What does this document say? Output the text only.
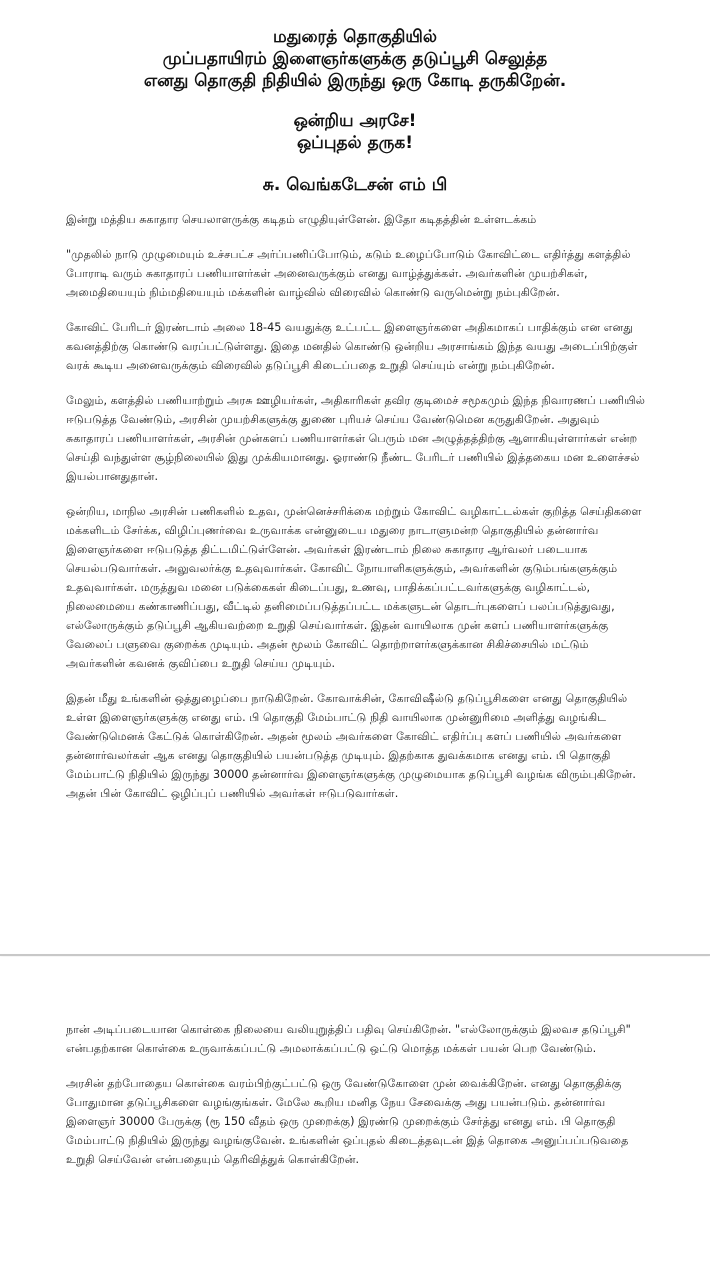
மதுரைத் தொகுதியில்
முப்பதாயிரம் இளைஞர்களுக்கு தடுப்பூசி செலுத்த
எனது தொகுதி நிதியில் இருந்து ஒரு கோடி தருகிறேன்.
ஒன்றிய அரசே!
ஒப்புதல் தருக!
சு. வெங்கடேசன் எம் பி

இன்று மத்திய சுகாதார செயலாளருக்கு கடிதம் எழுதியுள்ளேன். இதோ கடிதத்தின் உள்ளடக்கம்

"முதலில் நாடு முழுமையும் உச்சபட்ச அர்ப்பணிப்போடும், கடும் உழைப்போடும் கோவிட்டை எதிர்த்து களத்தில் போராடி வரும் சுகாதாரப் பணியாளர்கள் அனைவருக்கும் எனது வாழ்த்துக்கள். அவர்களின் முயற்சிகள், அமைதியையும் நிம்மதியையும் மக்களின் வாழ்வில் விரைவில் கொண்டு வருமென்று நம்புகிறேன்.

கோவிட் பேரிடர் இரண்டாம் அலை 18-45 வயதுக்கு உட்பட்ட இளைஞர்களை அதிகமாகப் பாதிக்கும் என எனது கவனத்திற்கு கொண்டு வரப்பட்டுள்ளது. இதை மனதில் கொண்டு ஒன்றிய அரசாங்கம் இந்த வயது அடைப்பிற்குள் வரக் கூடிய அனைவருக்கும் விரைவில் தடுப்பூசி கிடைப்பதை உறுதி செய்யும் என்று நம்புகிறேன்.

மேலும், களத்தில் பணியாற்றும் அரசு ஊழியர்கள், அதிகாரிகள் தவிர குடிமைச் சமூகமும் இந்த நிவாரணப் பணியில் ஈடுபடுத்த வேண்டும், அரசின் முயற்சிகளுக்கு துணை புரியச் செய்ய வேண்டுமென கருதுகிறேன். அதுவும் சுகாதாரப் பணியாளர்கள், அரசின் முன்களப் பணியாளர்கள் பெரும் மன அழுத்தத்திற்கு ஆளாகியுள்ளார்கள் என்ற செய்தி வந்துள்ள சூழ்நிலையில் இது முக்கியமானது. ஓராண்டு நீண்ட பேரிடர் பணியில் இத்தகைய மன உளைச்சல் இயல்பானதுதான்.

ஒன்றிய, மாநில அரசின் பணிகளில் உதவ, முன்னெச்சரிக்கை மற்றும் கோவிட் வழிகாட்டல்கள் குறித்த செய்திகளை மக்களிடம் சேர்க்க, விழிப்புணர்வை உருவாக்க என்னுடைய மதுரை நாடாளுமன்ற தொகுதியில் தன்னார்வ இளைஞர்களை ஈடுபடுத்த திட்டமிட்டுள்ளேன். அவர்கள் இரண்டாம் நிலை சுகாதார ஆர்வலர் படையாக செயல்படுவார்கள். அலுவலர்க்கு உதவுவார்கள். கோவிட் நோயாளிகளுக்கும், அவர்களின் குடும்பங்களுக்கும் உதவுவார்கள். மருத்துவ மனை படுக்கைகள் கிடைப்பது, உணவு, பாதிக்கப்பட்டவர்களுக்கு வழிகாட்டல், நிலைமையை கண்காணிப்பது, வீட்டில் தனிமைப்படுத்தப்பட்ட மக்களுடன் தொடர்புகளைப் பலப்படுத்துவது, எல்லோருக்கும் தடுப்பூசி ஆகியவற்றை உறுதி செய்வார்கள். இதன் வாயிலாக முன் களப் பணியாளர்களுக்கு வேலைப் பளுவை குறைக்க முடியும். அதன் மூலம் கோவிட் தொற்றாளர்களுக்கான சிகிச்சையில் மட்டும் அவர்களின் கவனக் குவிப்பை உறுதி செய்ய முடியும்.

இதன் மீது உங்களின் ஒத்துழைப்பை நாடுகிறேன். கோவாக்சின், கோவிஷீல்டு தடுப்பூசிகளை எனது தொகுதியில் உள்ள இளைஞர்களுக்கு எனது எம். பி தொகுதி மேம்பாட்டு நிதி வாயிலாக முன்னுரிமை அளித்து வழங்கிட வேண்டுமெனக் கேட்டுக் கொள்கிறேன். அதன் மூலம் அவர்களை கோவிட் எதிர்ப்பு களப் பணியில் அவர்களை தன்னார்வலர்கள் ஆக எனது தொகுதியில் பயன்படுத்த முடியும். இதற்காக துவக்கமாக எனது எம். பி தொகுதி மேம்பாட்டு நிதியில் இருந்து 30000 தன்னார்வ இளைஞர்களுக்கு முழுமையாக தடுப்பூசி வழங்க விரும்புகிறேன். அதன் பின் கோவிட் ஒழிப்புப் பணியில் அவர்கள் ஈடுபடுவார்கள்.

நான் அடிப்படையான கொள்கை நிலையை வலியுறுத்திப் பதிவு செய்கிறேன். "எல்லோருக்கும் இலவச தடுப்பூசி" என்பதற்கான கொள்கை உருவாக்கப்பட்டு அமலாக்கப்பட்டு ஒட்டு மொத்த மக்கள் பயன் பெற வேண்டும்.

அரசின் தற்போதைய கொள்கை வரம்பிற்குட்பட்டு ஒரு வேண்டுகோளை முன் வைக்கிறேன். எனது தொகுதிக்கு போதுமான தடுப்பூசிகளை வழங்குங்கள். மேலே கூறிய மனித நேய சேவைக்கு அது பயன்படும். தன்னார்வ இளைஞர் 30000 பேருக்கு (ரூ 150 வீதம் ஒரு முறைக்கு) இரண்டு முறைக்கும் சேர்த்து எனது எம். பி தொகுதி மேம்பாட்டு நிதியில் இருந்து வழங்குவேன். உங்களின் ஒப்புதல் கிடைத்தவுடன் இத் தொகை அனுப்பப்படுவதை உறுதி செய்வேன் என்பதையும் தெரிவித்துக் கொள்கிறேன்.
